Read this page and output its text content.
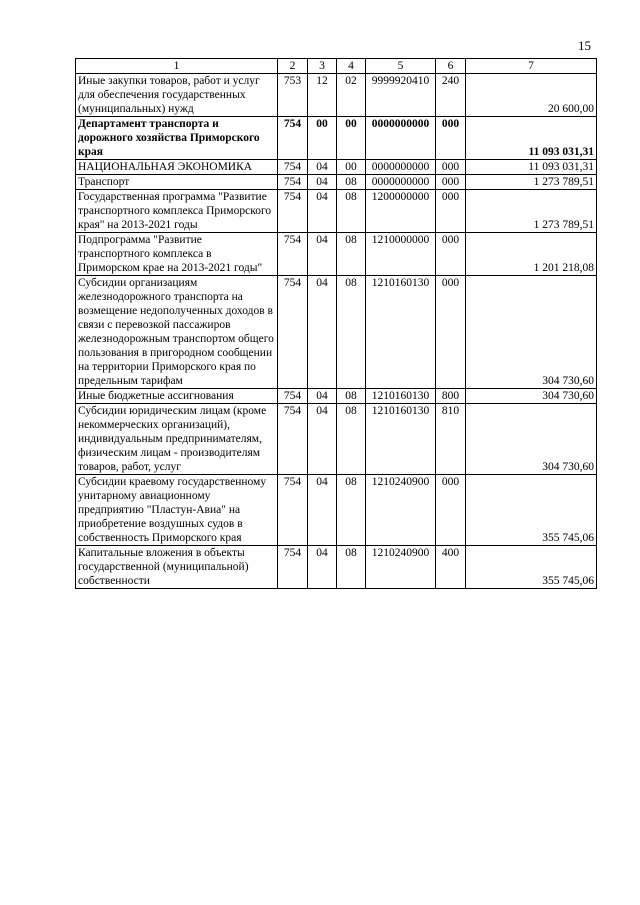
15
1	2	3	4	5	6	7
Иные закупки товаров, работ и услуг для обеспечения государственных (муниципальных) нужд	753	12	02	9999920410	240	20 600,00
Департамент транспорта и дорожного хозяйства Приморского края	754	00	00	0000000000	000	11 093 031,31
НАЦИОНАЛЬНАЯ ЭКОНОМИКА	754	04	00	0000000000	000	11 093 031,31
Транспорт	754	04	08	0000000000	000	1 273 789,51
Государственная программа "Развитие транспортного комплекса Приморского края" на 2013-2021 годы	754	04	08	1200000000	000	1 273 789,51
Подпрограмма "Развитие транспортного комплекса в Приморском крае на 2013-2021 годы"	754	04	08	1210000000	000	1 201 218,08
Субсидии организациям железнодорожного транспорта на возмещение недополученных доходов в связи с перевозкой пассажиров железнодорожным транспортом общего пользования в пригородном сообщении на территории Приморского края по предельным тарифам	754	04	08	1210160130	000	304 730,60
Иные бюджетные ассигнования	754	04	08	1210160130	800	304 730,60
Субсидии юридическим лицам (кроме некоммерческих организаций), индивидуальным предпринимателям, физическим лицам - производителям товаров, работ, услуг	754	04	08	1210160130	810	304 730,60
Субсидии краевому государственному унитарному авиационному предприятию "Пластун-Авиа" на приобретение воздушных судов в собственность Приморского края	754	04	08	1210240900	000	355 745,06
Капитальные вложения в объекты государственной (муниципальной) собственности	754	04	08	1210240900	400	355 745,06
